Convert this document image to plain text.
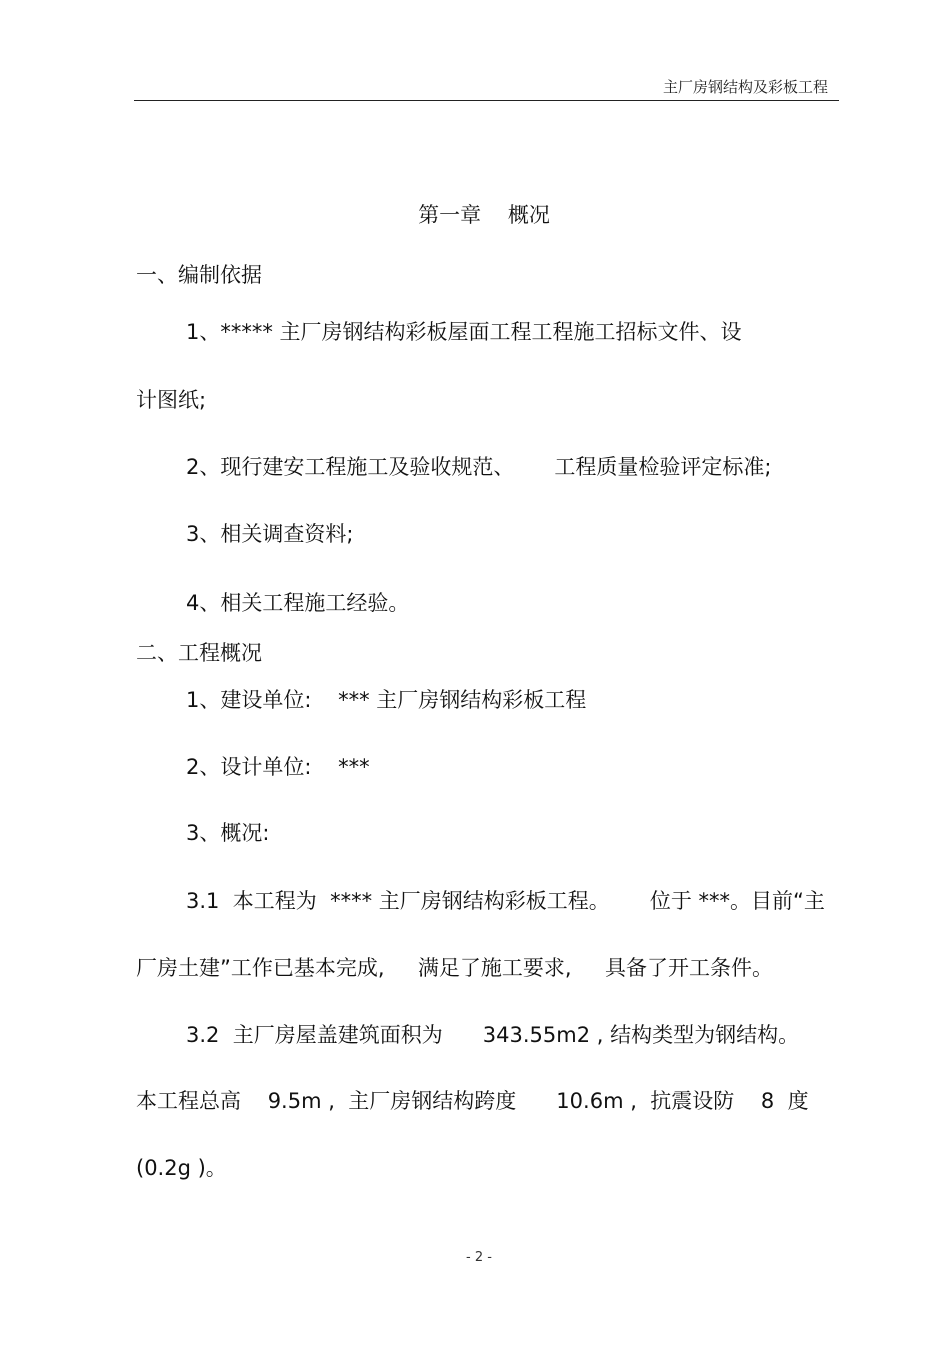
主厂房钢结构及彩板工程
第一章    概况
一、编制依据
1、***** 主厂房钢结构彩板屋面工程工程施工招标文件、设
计图纸;
2、现行建安工程施工及验收规范、      工程质量检验评定标准;
3、相关调查资料;
4、相关工程施工经验。
二、工程概况
1、建设单位:    *** 主厂房钢结构彩板工程
2、设计单位:    ***
3、概况:
3.1  本工程为  **** 主厂房钢结构彩板工程。      位于 ***。目前“主
厂房土建”工作已基本完成,     满足了施工要求,     具备了开工条件。
3.2  主厂房屋盖建筑面积为      343.55m2 , 结构类型为钢结构。
本工程总高    9.5m ,  主厂房钢结构跨度      10.6m ,  抗震设防    8  度
(0.2g )。
- 2 -
